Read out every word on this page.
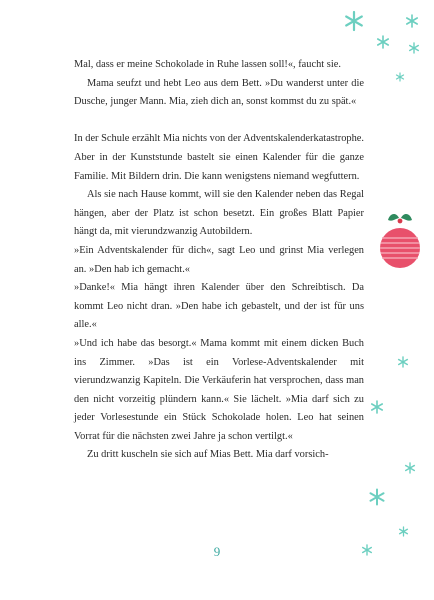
Mal, dass er meine Schokolade in Ruhe lassen soll!«, faucht sie.

Mama seufzt und hebt Leo aus dem Bett. »Du wanderst unter die Dusche, junger Mann. Mia, zieh dich an, sonst kommst du zu spät.«

In der Schule erzählt Mia nichts von der Adventskalenderkatastrophe. Aber in der Kunststunde bastelt sie einen Kalender für die ganze Familie. Mit Bildern drin. Die kann wenigstens niemand wegfuttern.

Als sie nach Hause kommt, will sie den Kalender neben das Regal hängen, aber der Platz ist schon besetzt. Ein großes Blatt Papier hängt da, mit vierundzwanzig Autobildern.

»Ein Adventskalender für dich«, sagt Leo und grinst Mia verlegen an. »Den hab ich gemacht.«

»Danke!« Mia hängt ihren Kalender über den Schreibtisch. Da kommt Leo nicht dran. »Den habe ich gebastelt, und der ist für uns alle.«

»Und ich habe das besorgt.« Mama kommt mit einem dicken Buch ins Zimmer. »Das ist ein Vorlese-Adventskalender mit vierundzwanzig Kapiteln. Die Verkäuferin hat versprochen, dass man den nicht vorzeitig plündern kann.« Sie lächelt. »Mia darf sich zu jeder Vorlesestunde ein Stück Schokolade holen. Leo hat seinen Vorrat für die nächsten zwei Jahre ja schon vertilgt.«

Zu dritt kuscheln sie sich auf Mias Bett. Mia darf vorsich-

9
